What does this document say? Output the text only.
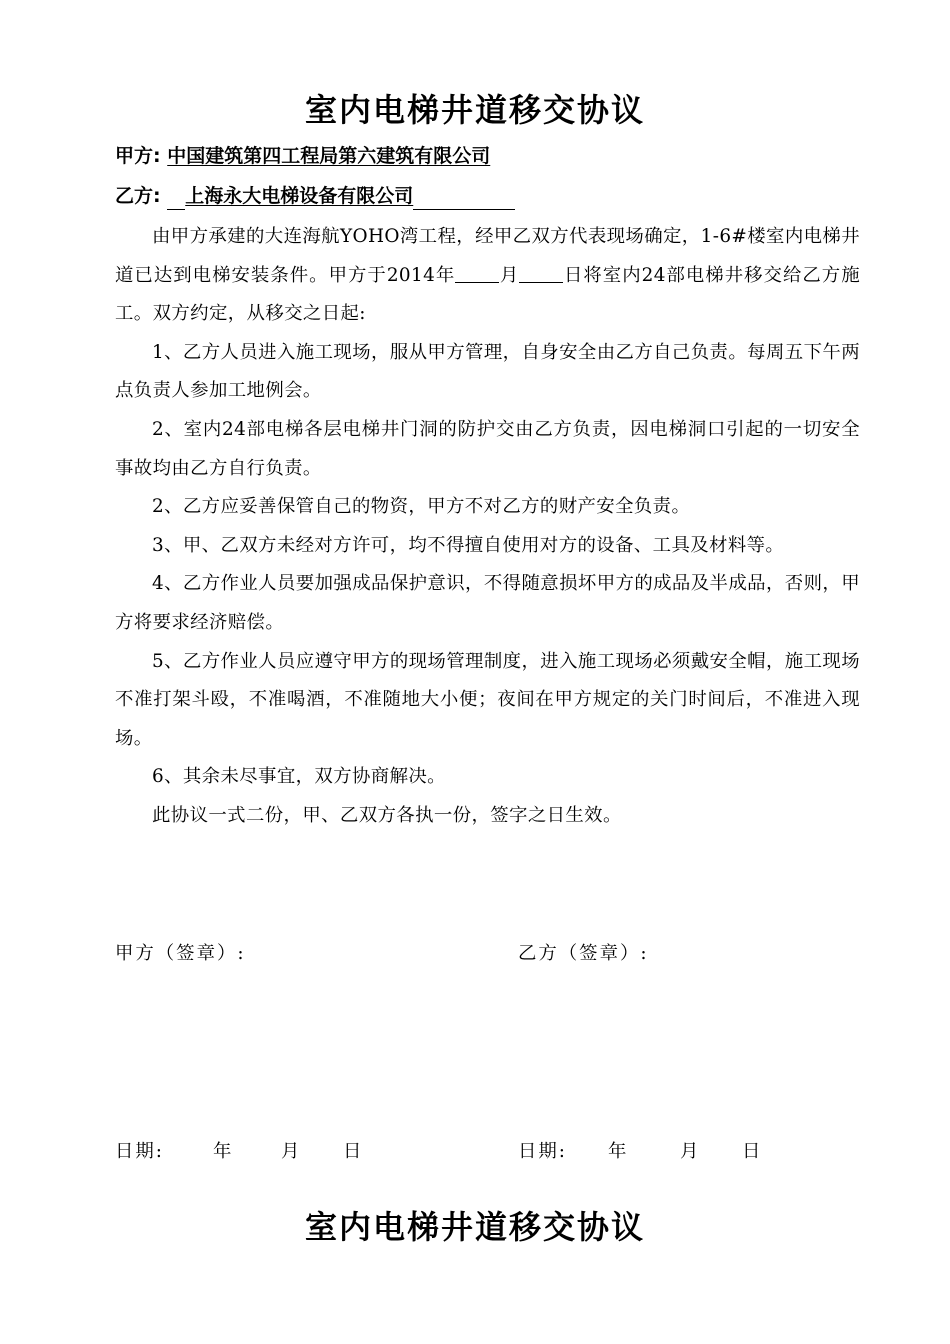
室内电梯井道移交协议
甲方: 中国建筑第四工程局第六建筑有限公司
乙方: 上海永大电梯设备有限公司

由甲方承建的大连海航YOHO湾工程，经甲乙双方代表现场确定，1-6#楼室内电梯井道已达到电梯安装条件。甲方于2014年 月 日将室内24部电梯井移交给乙方施工。双方约定，从移交之日起:

1、乙方人员进入施工现场，服从甲方管理，自身安全由乙方自己负责。每周五下午两点负责人参加工地例会。

2、室内24部电梯各层电梯井门洞的防护交由乙方负责，因电梯洞口引起的一切安全事故均由乙方自行负责。

2、乙方应妥善保管自己的物资，甲方不对乙方的财产安全负责。

3、甲、乙双方未经对方许可，均不得擅自使用对方的设备、工具及材料等。

4、乙方作业人员要加强成品保护意识，不得随意损坏甲方的成品及半成品，否则，甲方将要求经济赔偿。

5、乙方作业人员应遵守甲方的现场管理制度，进入施工现场必须戴安全帽，施工现场不准打架斗殴，不准喝酒，不准随地大小便；夜间在甲方规定的关门时间后，不准进入现场。

6、其余未尽事宜，双方协商解决。

此协议一式二份，甲、乙双方各执一份，签字之日生效。

甲方（签章）:	乙方（签章）:
日期:	年	月 日	日期: 年	月 日
室内电梯井道移交协议
